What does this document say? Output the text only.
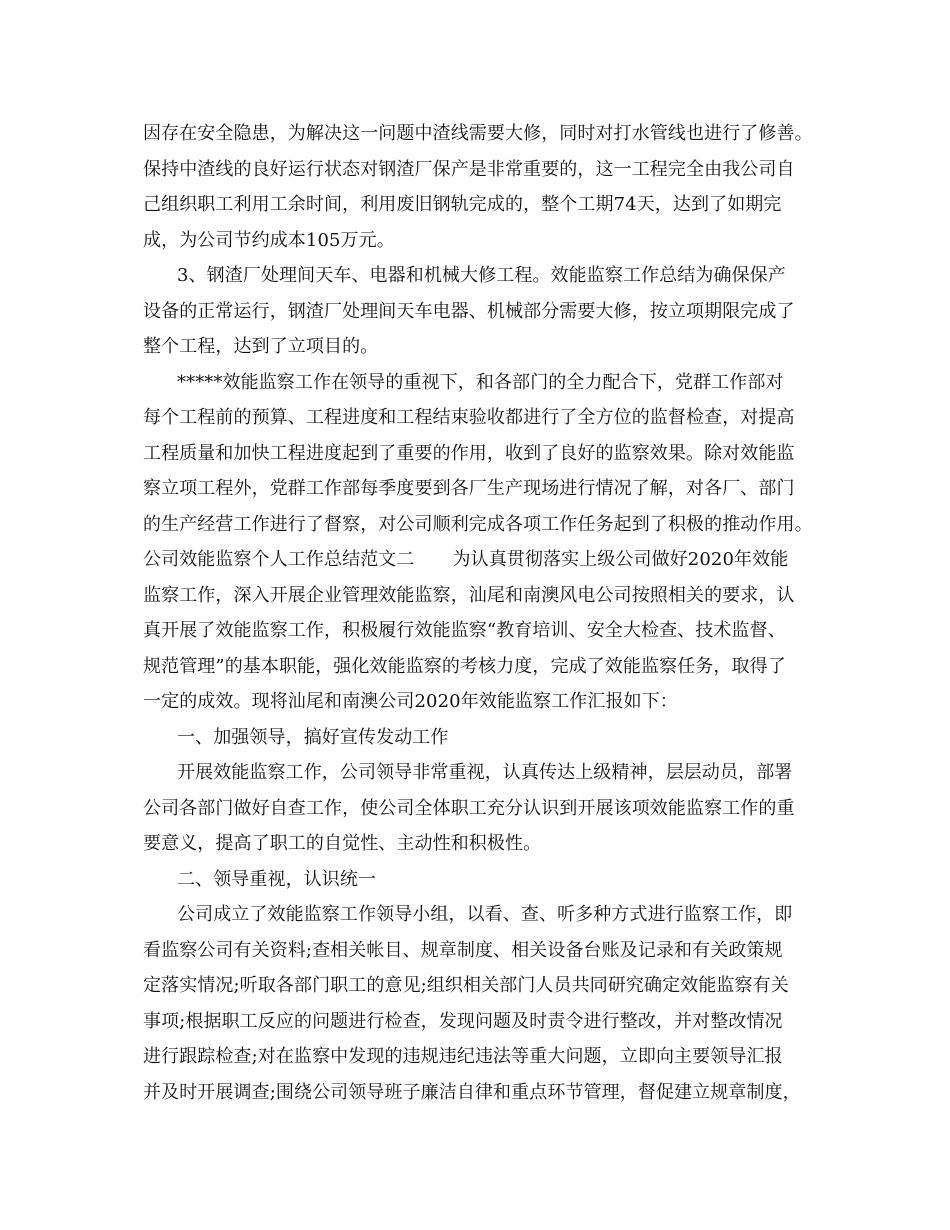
因存在安全隐患，为解决这一问题中渣线需要大修，同时对打水管线也进行了修善。
保持中渣线的良好运行状态对钢渣厂保产是非常重要的，这一工程完全由我公司自
己组织职工利用工余时间，利用废旧钢轨完成的，整个工期74天，达到了如期完
成，为公司节约成本105万元。
3、钢渣厂处理间天车、电器和机械大修工程。效能监察工作总结为确保保产
设备的正常运行，钢渣厂处理间天车电器、机械部分需要大修，按立项期限完成了
整个工程，达到了立项目的。
*****效能监察工作在领导的重视下，和各部门的全力配合下，党群工作部对
每个工程前的预算、工程进度和工程结束验收都进行了全方位的监督检查，对提高
工程质量和加快工程进度起到了重要的作用，收到了良好的监察效果。除对效能监
察立项工程外，党群工作部每季度要到各厂生产现场进行情况了解，对各厂、部门
的生产经营工作进行了督察，对公司顺利完成各项工作任务起到了积极的推动作用。
公司效能监察个人工作总结范文二 为认真贯彻落实上级公司做好2020年效能
监察工作，深入开展企业管理效能监察，汕尾和南澳风电公司按照相关的要求，认
真开展了效能监察工作，积极履行效能监察“教育培训、安全大检查、技术监督、
规范管理”的基本职能，强化效能监察的考核力度，完成了效能监察任务，取得了
一定的成效。现将汕尾和南澳公司2020年效能监察工作汇报如下：
一、加强领导，搞好宣传发动工作
开展效能监察工作，公司领导非常重视，认真传达上级精神，层层动员，部署
公司各部门做好自查工作，使公司全体职工充分认识到开展该项效能监察工作的重
要意义，提高了职工的自觉性、主动性和积极性。
二、领导重视，认识统一
公司成立了效能监察工作领导小组，以看、查、听多种方式进行监察工作，即
看监察公司有关资料;查相关帐目、规章制度、相关设备台账及记录和有关政策规
定落实情况;听取各部门职工的意见;组织相关部门人员共同研究确定效能监察有关
事项;根据职工反应的问题进行检查，发现问题及时责令进行整改，并对整改情况
进行跟踪检查;对在监察中发现的违规违纪违法等重大问题，立即向主要领导汇报
并及时开展调查;围绕公司领导班子廉洁自律和重点环节管理，督促建立规章制度，
